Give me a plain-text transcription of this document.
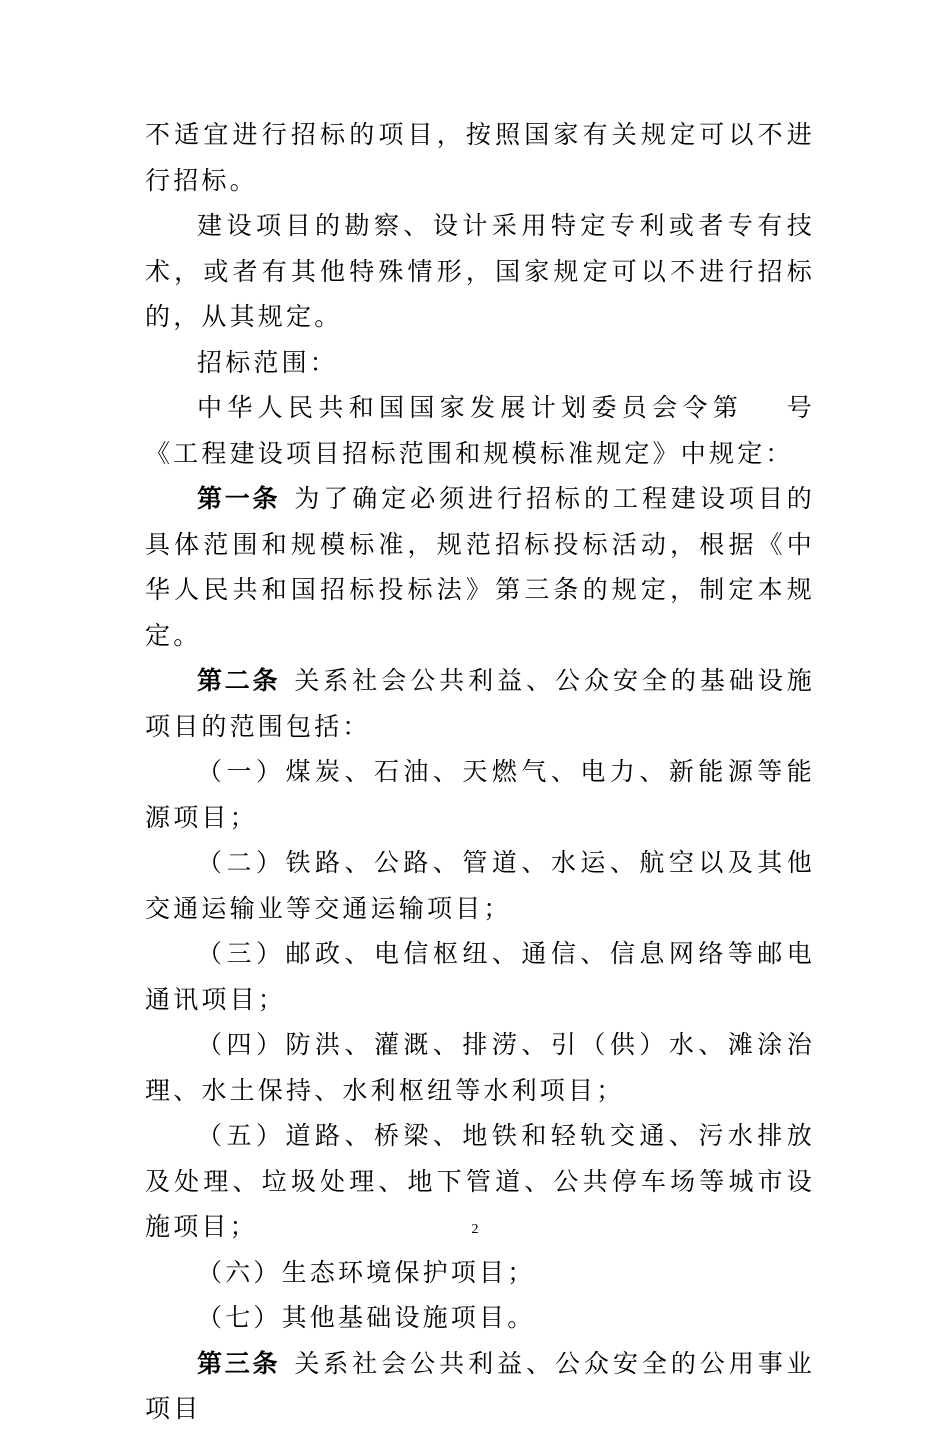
不适宜进行招标的项目，按照国家有关规定可以不进行招标。

建设项目的勘察、设计采用特定专利或者专有技术，或者有其他特殊情形，国家规定可以不进行招标的，从其规定。

招标范围：

中华人民共和国国家发展计划委员会令第　 号《工程建设项目招标范围和规模标准规定》中规定：

第一条 为了确定必须进行招标的工程建设项目的具体范围和规模标准，规范招标投标活动，根据《中华人民共和国招标投标法》第三条的规定，制定本规定。

第二条 关系社会公共利益、公众安全的基础设施项目的范围包括：

（一）煤炭、石油、天燃气、电力、新能源等能源项目；

（二）铁路、公路、管道、水运、航空以及其他交通运输业等交通运输项目；

（三）邮政、电信枢纽、通信、信息网络等邮电通讯项目；

（四）防洪、灌溉、排涝、引（供）水、滩涂治理、水土保持、水利枢纽等水利项目；

（五）道路、桥梁、地铁和轻轨交通、污水排放及处理、垃圾处理、地下管道、公共停车场等城市设施项目；

（六）生态环境保护项目；

（七）其他基础设施项目。

第三条 关系社会公共利益、公众安全的公用事业项目

2
